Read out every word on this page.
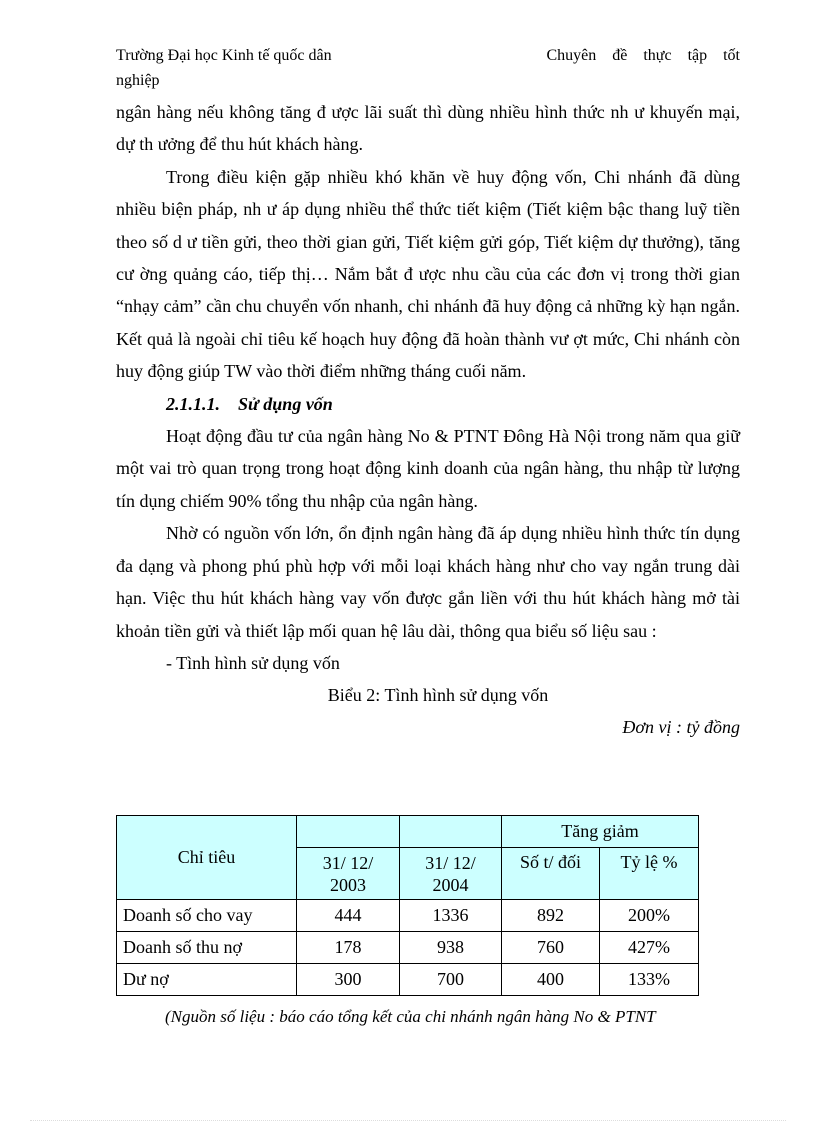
Trường Đại học Kinh tế quốc dân	Chuyên đề thực tập tốt
nghiệp

ngân hàng nếu không tăng đ ược lãi suất thì dùng nhiều hình thức nh ư khuyến mại, dự th ưởng để thu hút khách hàng.

Trong điều kiện gặp nhiều khó khăn về huy động vốn, Chi nhánh đã dùng nhiều biện pháp, nh ư áp dụng nhiều thể thức tiết kiệm (Tiết kiệm bậc thang luỹ tiền theo số d ư tiền gửi, theo thời gian gửi, Tiết kiệm gửi góp, Tiết kiệm dự thưởng), tăng cư ờng quảng cáo, tiếp thị… Nắm bắt đ ược nhu cầu của các đơn vị trong thời gian “nhạy cảm” cần chu chuyển vốn nhanh, chi nhánh đã huy động cả những kỳ hạn ngắn. Kết quả là ngoài chỉ tiêu kế hoạch huy động đã hoàn thành vư ợt mức, Chi nhánh còn huy động giúp TW vào thời điểm những tháng cuối năm.

2.1.1.1. Sử dụng vốn

Hoạt động đầu tư của ngân hàng No & PTNT Đông Hà Nội trong năm qua giữ một vai trò quan trọng trong hoạt động kinh doanh của ngân hàng, thu nhập từ lượng tín dụng chiếm 90% tổng thu nhập của ngân hàng.

Nhờ có nguồn vốn lớn, ổn định ngân hàng đã áp dụng nhiều hình thức tín dụng đa dạng và phong phú phù hợp với mỗi loại khách hàng như cho vay ngắn trung dài hạn. Việc thu hút khách hàng vay vốn được gắn liền với thu hút khách hàng mở tài khoản tiền gửi và thiết lập mối quan hệ lâu dài, thông qua biểu số liệu sau :

- Tình hình sử dụng vốn

Biểu 2: Tình hình sử dụng vốn

Đơn vị : tỷ đồng

Chỉ tiêu			Tăng giảm	
	31/ 12/ 2003	31/ 12/ 2004	Số t/ đối	Tỷ lệ %
Doanh số cho vay	444	1336	892	200%
Doanh số thu nợ	178	938	760	427%
Dư nợ	300	700	400	133%
(Nguồn số liệu : báo cáo tổng kết của chi nhánh ngân hàng No & PTNT
